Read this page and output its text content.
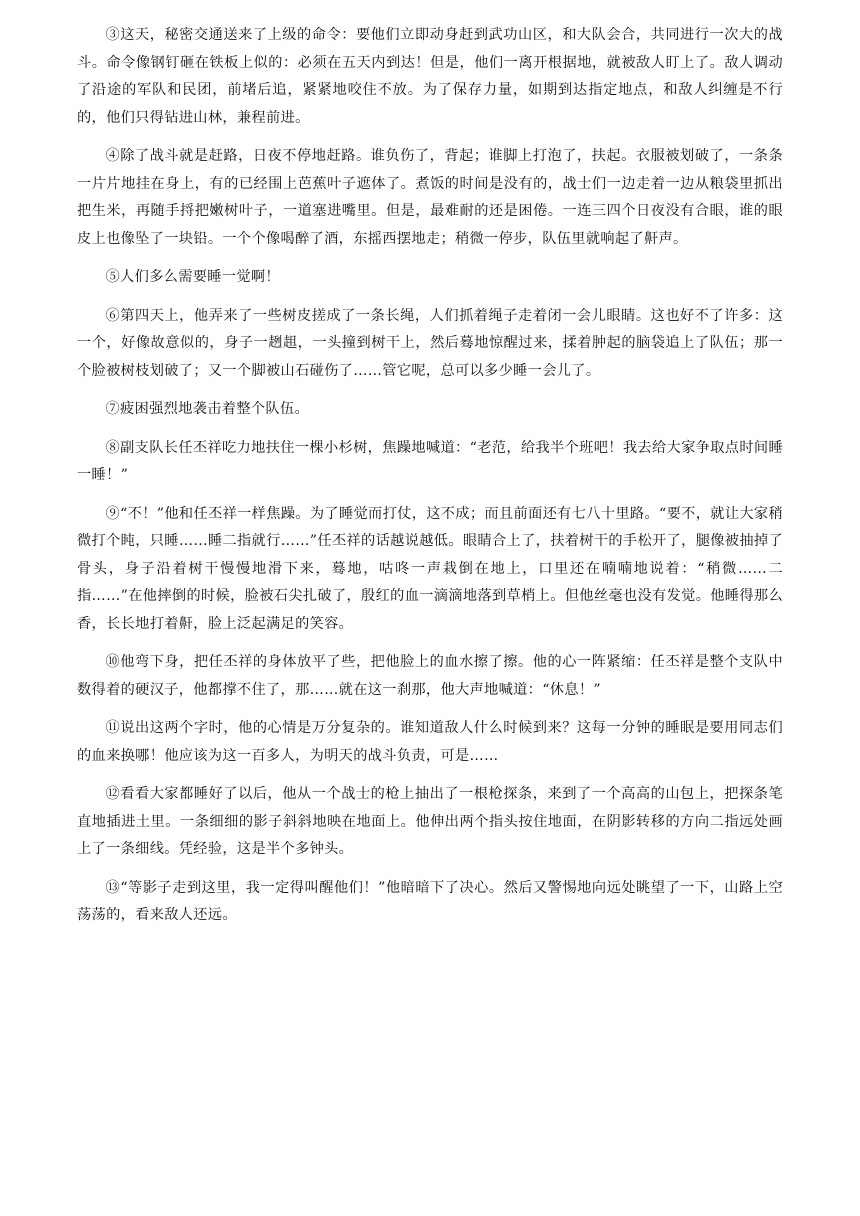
③这天，秘密交通送来了上级的命令：要他们立即动身赶到武功山区，和大队会合，共同进行一次大的战斗。命令像钢钉砸在铁板上似的：必须在五天内到达！但是，他们一离开根据地，就被敌人盯上了。敌人调动了沿途的军队和民团，前堵后追，紧紧地咬住不放。为了保存力量，如期到达指定地点，和敌人纠缠是不行的，他们只得钻进山林，兼程前进。

④除了战斗就是赶路，日夜不停地赶路。谁负伤了，背起；谁脚上打泡了，扶起。衣服被划破了，一条条一片片地挂在身上，有的已经围上芭蕉叶子遮体了。煮饭的时间是没有的，战士们一边走着一边从粮袋里抓出把生米，再随手捋把嫩树叶子，一道塞进嘴里。但是，最难耐的还是困倦。一连三四个日夜没有合眼，谁的眼皮上也像坠了一块铅。一个个像喝醉了酒，东摇西摆地走；稍微一停步，队伍里就响起了鼾声。

⑤人们多么需要睡一觉啊！

⑥第四天上，他弄来了一些树皮搓成了一条长绳，人们抓着绳子走着闭一会儿眼睛。这也好不了许多：这一个，好像故意似的，身子一趔趄，一头撞到树干上，然后蓦地惊醒过来，揉着肿起的脑袋追上了队伍；那一个脸被树枝划破了；又一个脚被山石碰伤了……管它呢，总可以多少睡一会儿了。

⑦疲困强烈地袭击着整个队伍。

⑧副支队长任丕祥吃力地扶住一棵小杉树，焦躁地喊道：“老范，给我半个班吧！我去给大家争取点时间睡一睡！”

⑨“不！”他和任丕祥一样焦躁。为了睡觉而打仗，这不成；而且前面还有七八十里路。“要不，就让大家稍微打个盹，只睡……睡二指就行……”任丕祥的话越说越低。眼睛合上了，扶着树干的手松开了，腿像被抽掉了骨头，身子沿着树干慢慢地滑下来，蓦地，咕咚一声栽倒在地上，口里还在喃喃地说着：“稍微……二指……”在他摔倒的时候，脸被石尖扎破了，殷红的血一滴滴地落到草梢上。但他丝毫也没有发觉。他睡得那么香，长长地打着鼾，脸上泛起满足的笑容。

⑩他弯下身，把任丕祥的身体放平了些，把他脸上的血水擦了擦。他的心一阵紧缩：任丕祥是整个支队中数得着的硬汉子，他都撑不住了，那……就在这一刹那，他大声地喊道：“休息！”

⑪说出这两个字时，他的心情是万分复杂的。谁知道敌人什么时候到来？这每一分钟的睡眠是要用同志们的血来换哪！他应该为这一百多人，为明天的战斗负责，可是……

⑫看看大家都睡好了以后，他从一个战士的枪上抽出了一根枪探条，来到了一个高高的山包上，把探条笔直地插进土里。一条细细的影子斜斜地映在地面上。他伸出两个指头按住地面，在阴影转移的方向二指远处画上了一条细线。凭经验，这是半个多钟头。

⑬“等影子走到这里，我一定得叫醒他们！”他暗暗下了决心。然后又警惕地向远处眺望了一下，山路上空荡荡的，看来敌人还远。
